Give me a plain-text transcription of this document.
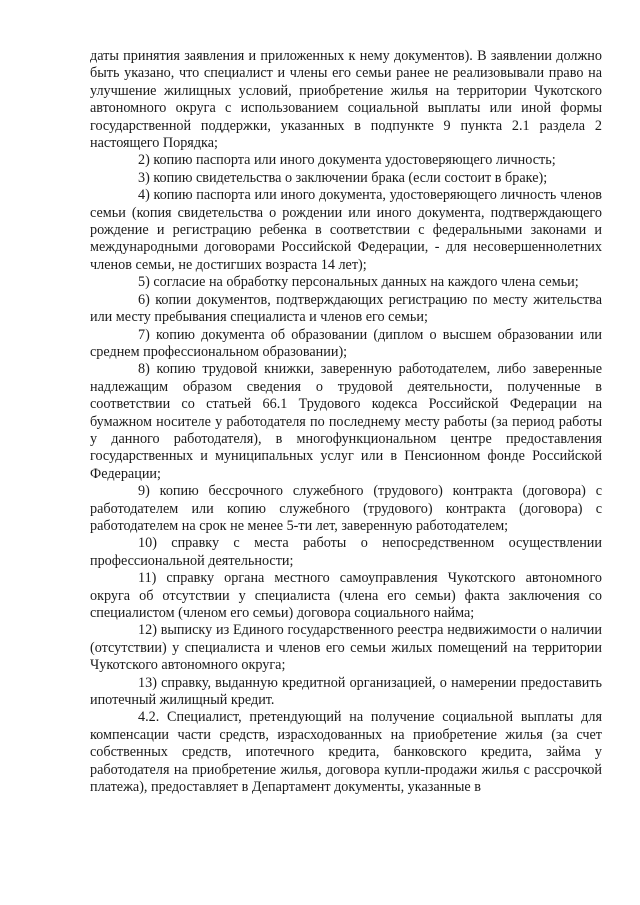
даты принятия заявления и приложенных к нему документов). В заявлении должно быть указано, что специалист и члены его семьи ранее не реализовывали право на улучшение жилищных условий, приобретение жилья на территории Чукотского автономного округа с использованием социальной выплаты или иной формы государственной поддержки, указанных в подпункте 9 пункта 2.1 раздела 2 настоящего Порядка;

2) копию паспорта или иного документа удостоверяющего личность;

3) копию свидетельства о заключении брака (если состоит в браке);

4) копию паспорта или иного документа, удостоверяющего личность членов семьи (копия свидетельства о рождении или иного документа, подтверждающего рождение и регистрацию ребенка в соответствии с федеральными законами и международными договорами Российской Федерации, - для несовершеннолетних членов семьи, не достигших возраста 14 лет);

5) согласие на обработку персональных данных на каждого члена семьи;

6) копии документов, подтверждающих регистрацию по месту жительства или месту пребывания специалиста и членов его семьи;

7) копию документа об образовании (диплом о высшем образовании или среднем профессиональном образовании);

8) копию трудовой книжки, заверенную работодателем, либо заверенные надлежащим образом сведения о трудовой деятельности, полученные в соответствии со статьей 66.1 Трудового кодекса Российской Федерации на бумажном носителе у работодателя по последнему месту работы (за период работы у данного работодателя), в многофункциональном центре предоставления государственных и муниципальных услуг или в Пенсионном фонде Российской Федерации;

9) копию бессрочного служебного (трудового) контракта (договора) с работодателем или копию служебного (трудового) контракта (договора) с работодателем на срок не менее 5-ти лет, заверенную работодателем;

10) справку с места работы о непосредственном осуществлении профессиональной деятельности;

11) справку органа местного самоуправления Чукотского автономного округа об отсутствии у специалиста (члена его семьи) факта заключения со специалистом (членом его семьи) договора социального найма;

12) выписку из Единого государственного реестра недвижимости о наличии (отсутствии) у специалиста и членов его семьи жилых помещений на территории Чукотского автономного округа;

13) справку, выданную кредитной организацией, о намерении предоставить ипотечный жилищный кредит.

4.2. Специалист, претендующий на получение социальной выплаты для компенсации части средств, израсходованных на приобретение жилья (за счет собственных средств, ипотечного кредита, банковского кредита, займа у работодателя на приобретение жилья, договора купли-продажи жилья с рассрочкой платежа), предоставляет в Департамент документы, указанные в
